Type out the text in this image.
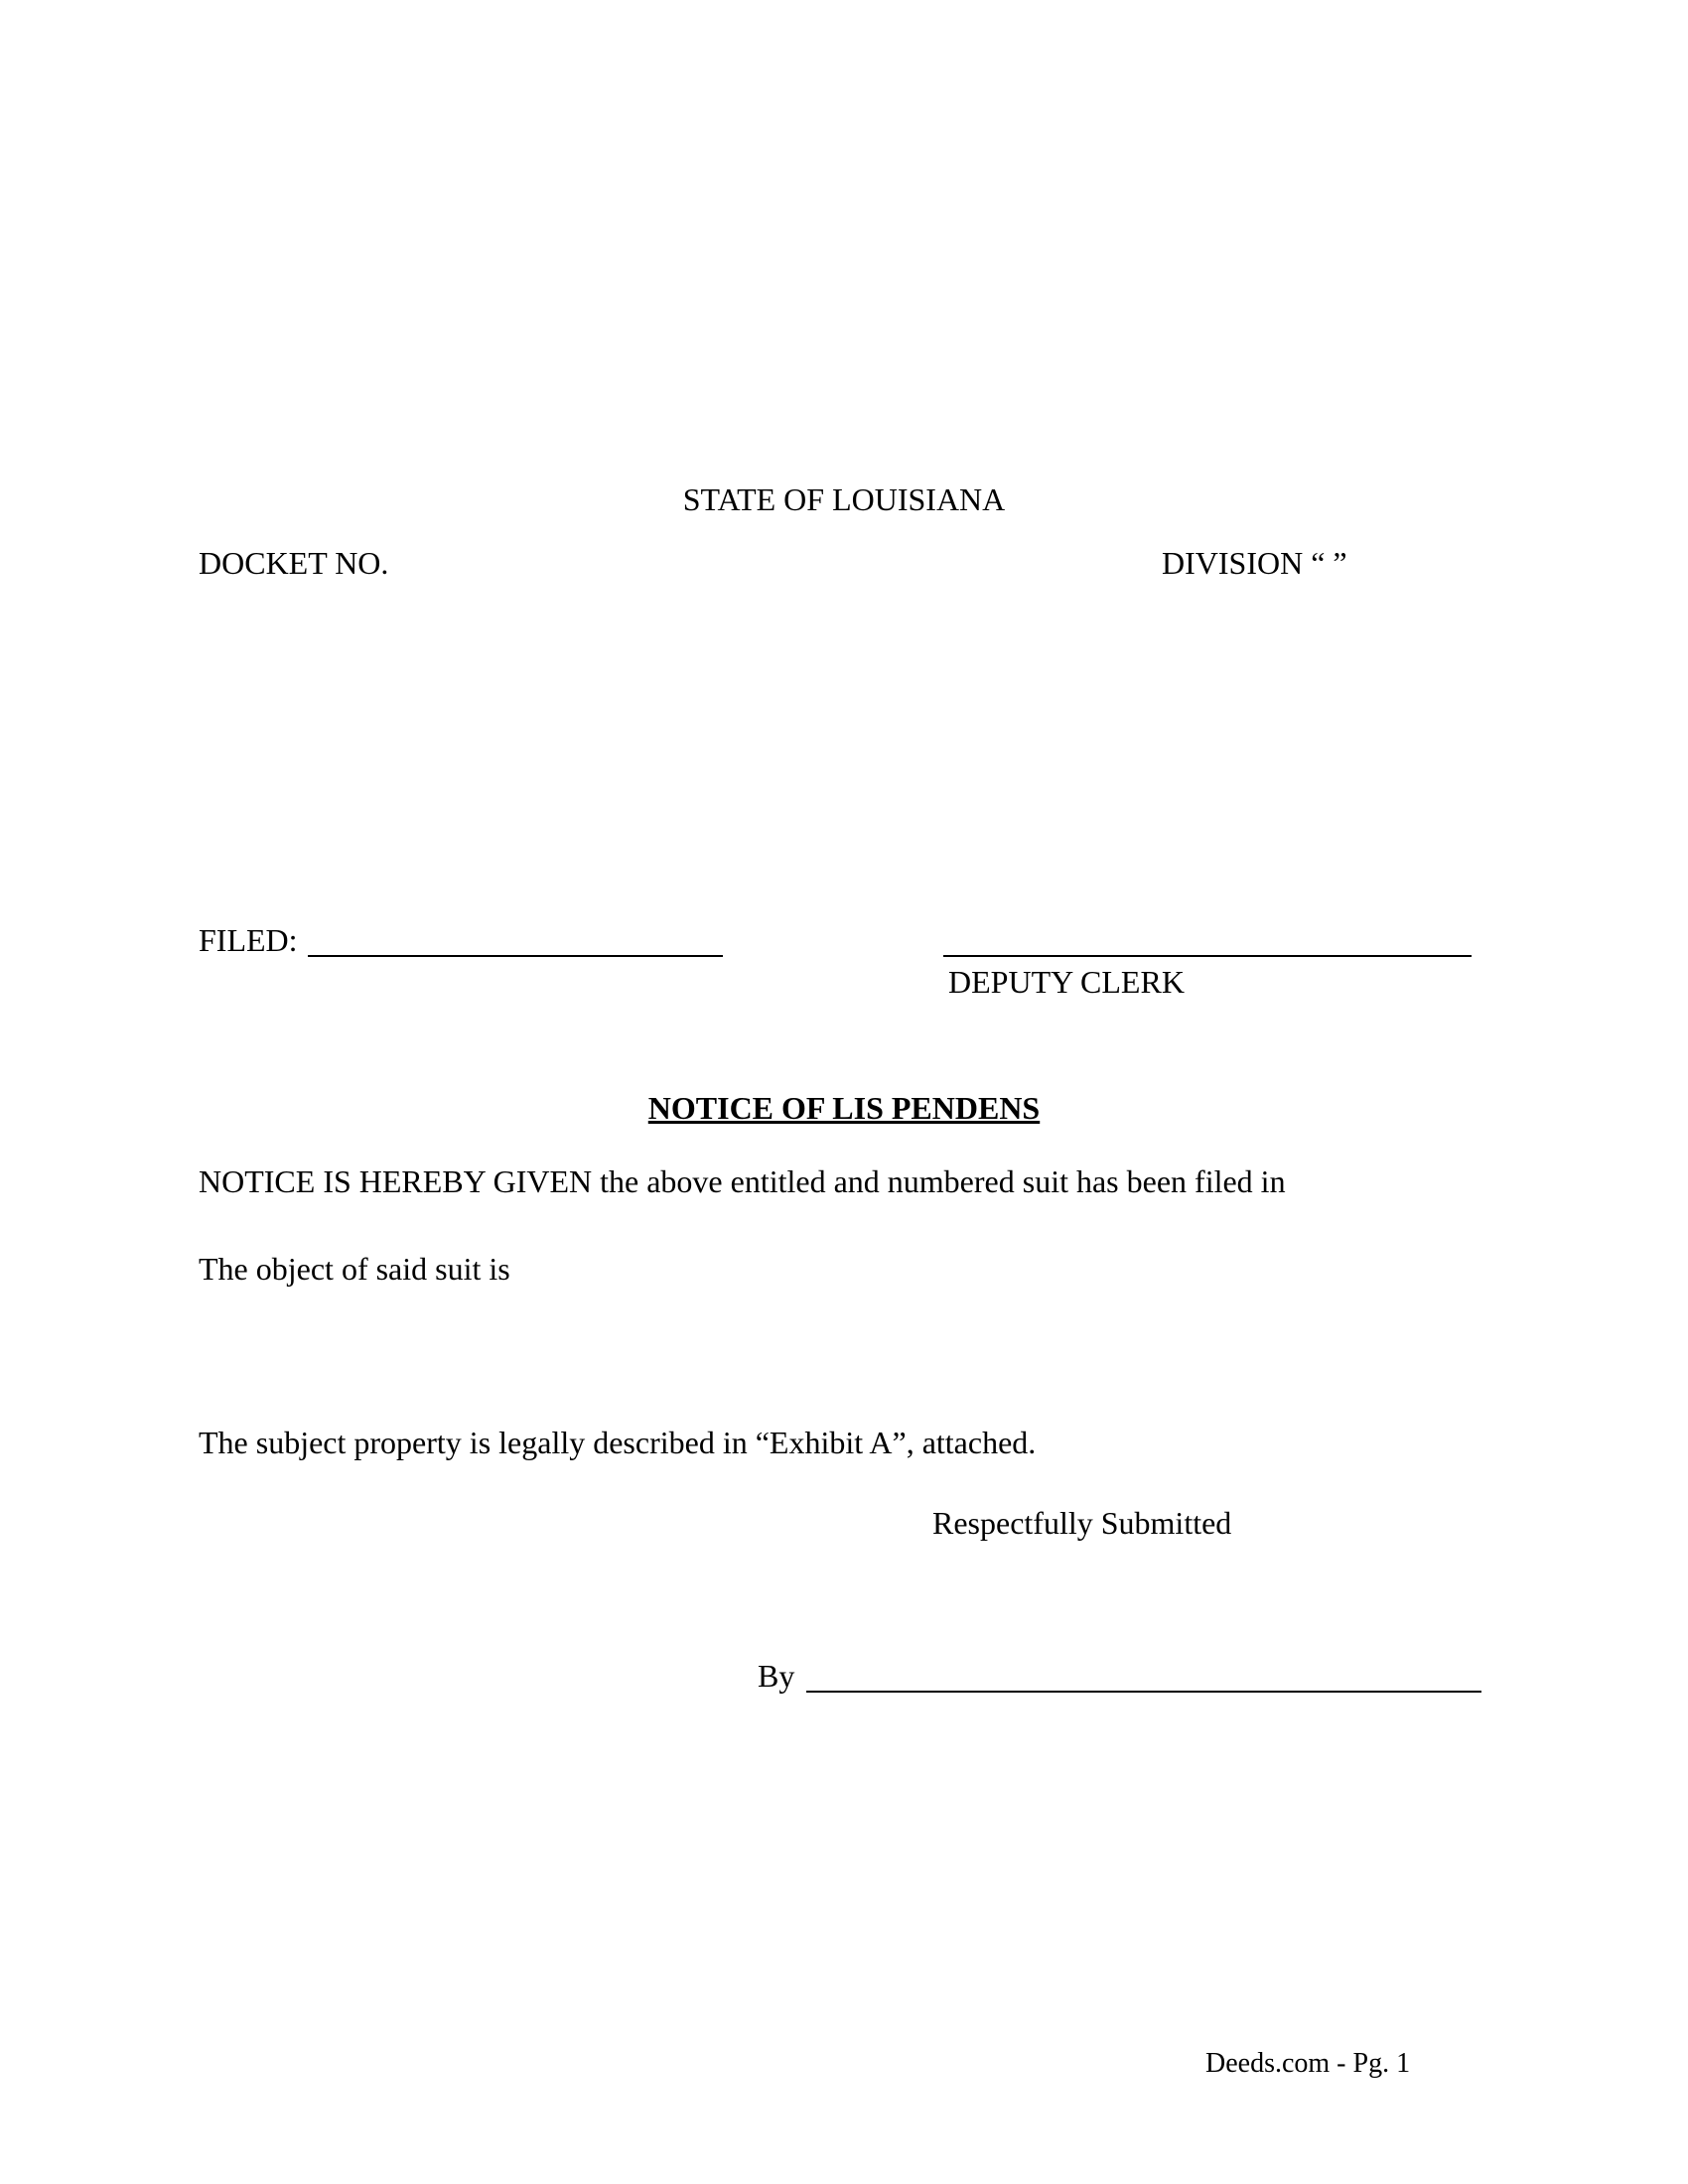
STATE OF LOUISIANA
DOCKET NO.	DIVISION “ ”
FILED:
DEPUTY CLERK
NOTICE OF LIS PENDENS
NOTICE IS HEREBY GIVEN the above entitled and numbered suit has been filed in
The object of said suit is
The subject property is legally described in “Exhibit A”, attached.
Respectfully Submitted
By
Deeds.com - Pg. 1
